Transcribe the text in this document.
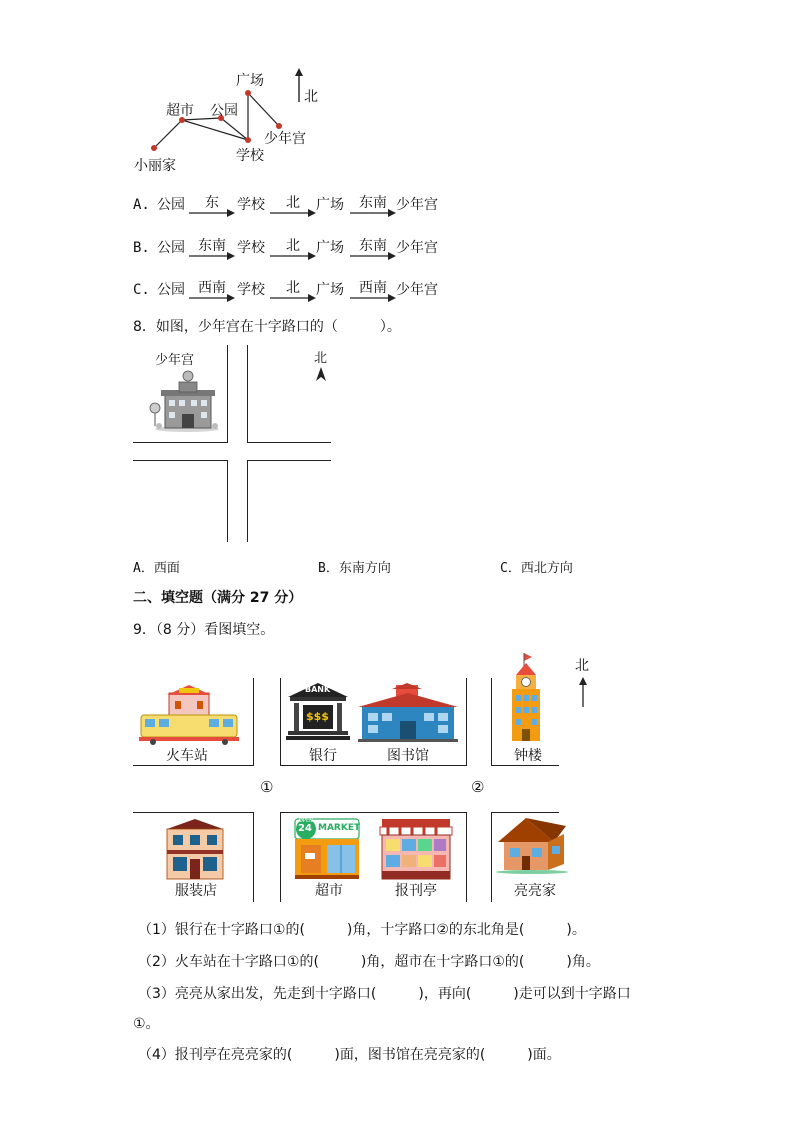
广场
超市 公园
少年宫
学校
小丽家
北
A. 公园	东	学校	北	广场	东南 少年宫
B. 公园 东南 学校	北	广场	东南 少年宫
C. 公园 西南 学校	北	广场	西南 少年宫
8．如图，少年宫在十字路口的（　　　）。
少年宫	北
A．西面	B．东南方向	C．西北方向
二、填空题（满分 27 分）
9．（8 分）看图填空。
①	②
火车站
BANK
$$$
银行	图书馆	钟楼
北
服装店
OPEN
24 MARKET
超市	报刊亭	亮亮家
（1）银行在十字路口①的(　　　)角，十字路口②的东北角是(　　　)。
（2）火车站在十字路口①的(　　　)角，超市在十字路口①的(　　　)角。
（3）亮亮从家出发，先走到十字路口(　　　)，再向(　　　)走可以到十字路口
①。
（4）报刊亭在亮亮家的(　　　)面，图书馆在亮亮家的(　　　)面。
